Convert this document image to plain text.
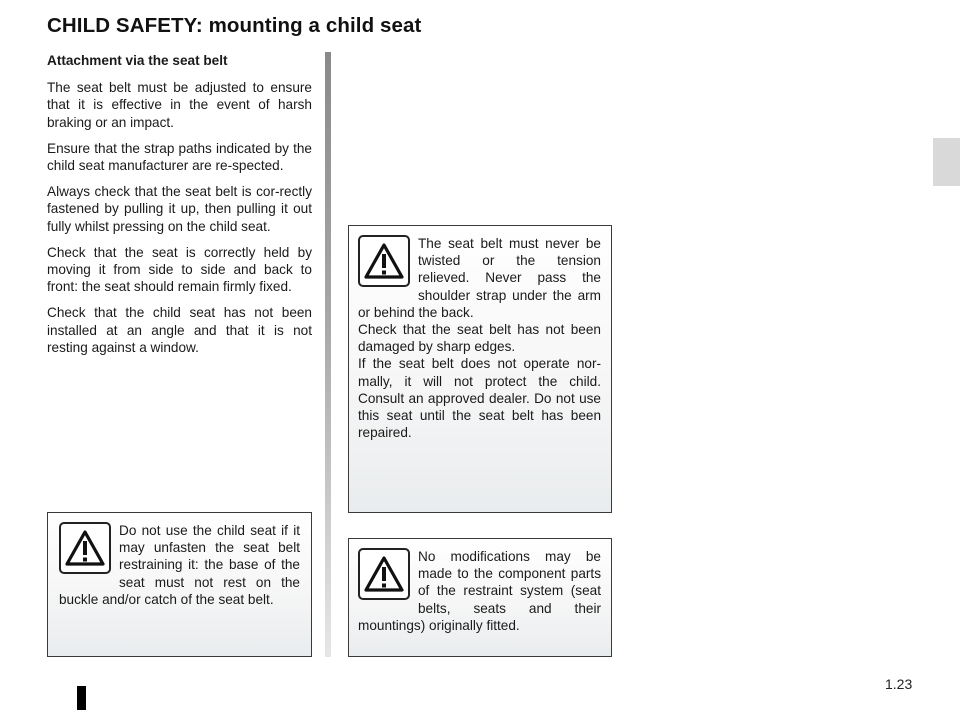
CHILD SAFETY: mounting a child seat

Attachment via the seat belt

The seat belt must be adjusted to ensure that it is effective in the event of harsh braking or an impact.

Ensure that the strap paths indicated by the child seat manufacturer are re-spected.

Always check that the seat belt is cor-rectly fastened by pulling it up, then pulling it out fully whilst pressing on the child seat.

Check that the seat is correctly held by moving it from side to side and back to front: the seat should remain firmly fixed.

Check that the child seat has not been installed at an angle and that it is not resting against a window.

Do not use the child seat if it may unfasten the seat belt restraining it: the base of the seat must not rest on the buckle and/or catch of the seat belt.

The seat belt must never be twisted or the tension relieved. Never pass the shoulder strap under the arm or behind the back.

Check that the seat belt has not been damaged by sharp edges.

If the seat belt does not operate nor-mally, it will not protect the child. Consult an approved dealer. Do not use this seat until the seat belt has been repaired.

No modifications may be made to the component parts of the restraint system (seat belts, seats and their mountings) originally fitted.
1.23
